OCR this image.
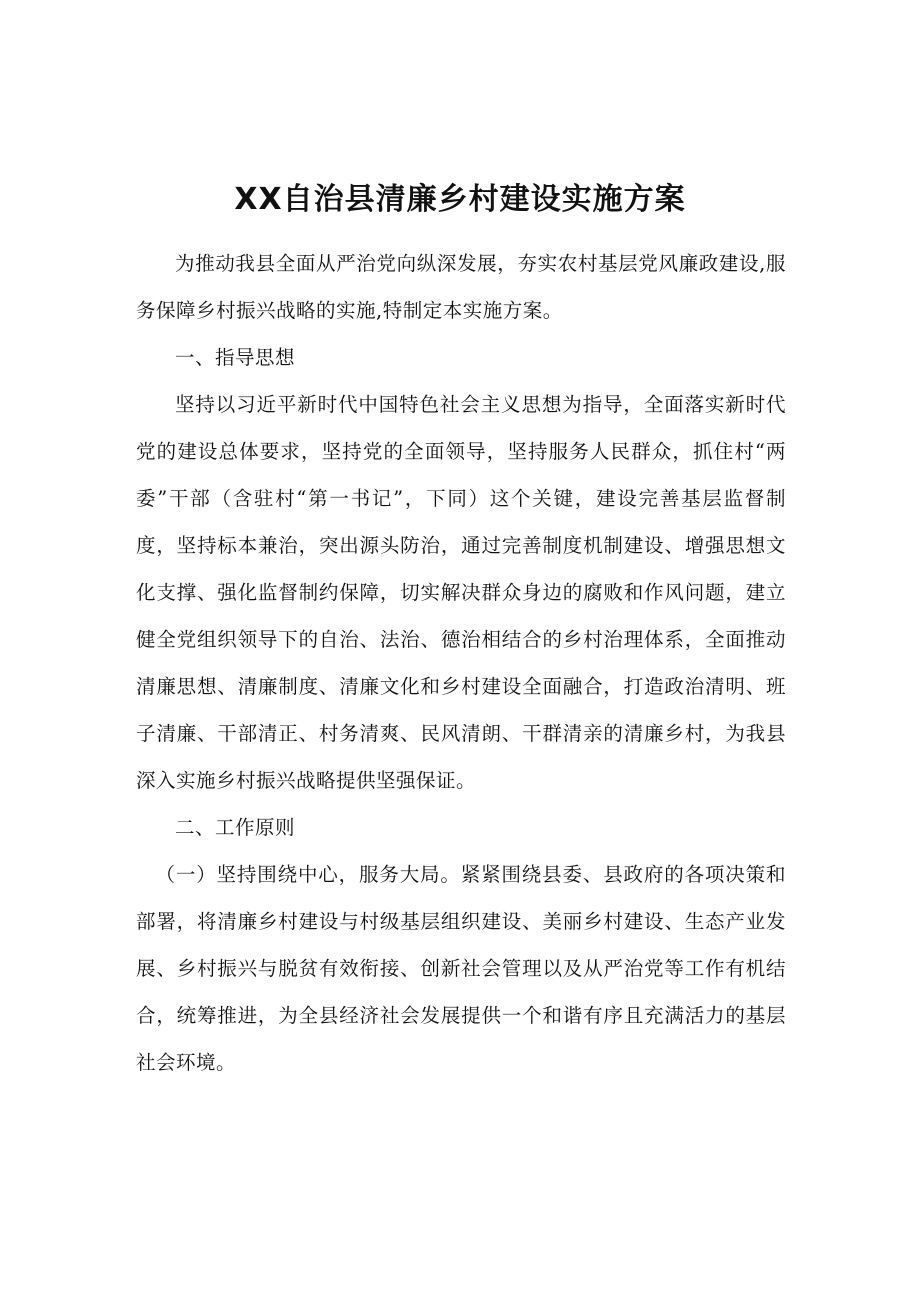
XX自治县清廉乡村建设实施方案

为推动我县全面从严治党向纵深发展，夯实农村基层党风廉政建设,服务保障乡村振兴战略的实施,特制定本实施方案。

一、指导思想

坚持以习近平新时代中国特色社会主义思想为指导，全面落实新时代党的建设总体要求，坚持党的全面领导，坚持服务人民群众，抓住村“两委”干部（含驻村“第一书记”，下同）这个关键，建设完善基层监督制度，坚持标本兼治，突出源头防治，通过完善制度机制建设、增强思想文化支撑、强化监督制约保障，切实解决群众身边的腐败和作风问题，建立健全党组织领导下的自治、法治、德治相结合的乡村治理体系，全面推动清廉思想、清廉制度、清廉文化和乡村建设全面融合，打造政治清明、班子清廉、干部清正、村务清爽、民风清朗、干群清亲的清廉乡村，为我县深入实施乡村振兴战略提供坚强保证。

二、工作原则

（一）坚持围绕中心，服务大局。紧紧围绕县委、县政府的各项决策和部署，将清廉乡村建设与村级基层组织建设、美丽乡村建设、生态产业发展、乡村振兴与脱贫有效衔接、创新社会管理以及从严治党等工作有机结合，统筹推进，为全县经济社会发展提供一个和谐有序且充满活力的基层社会环境。
